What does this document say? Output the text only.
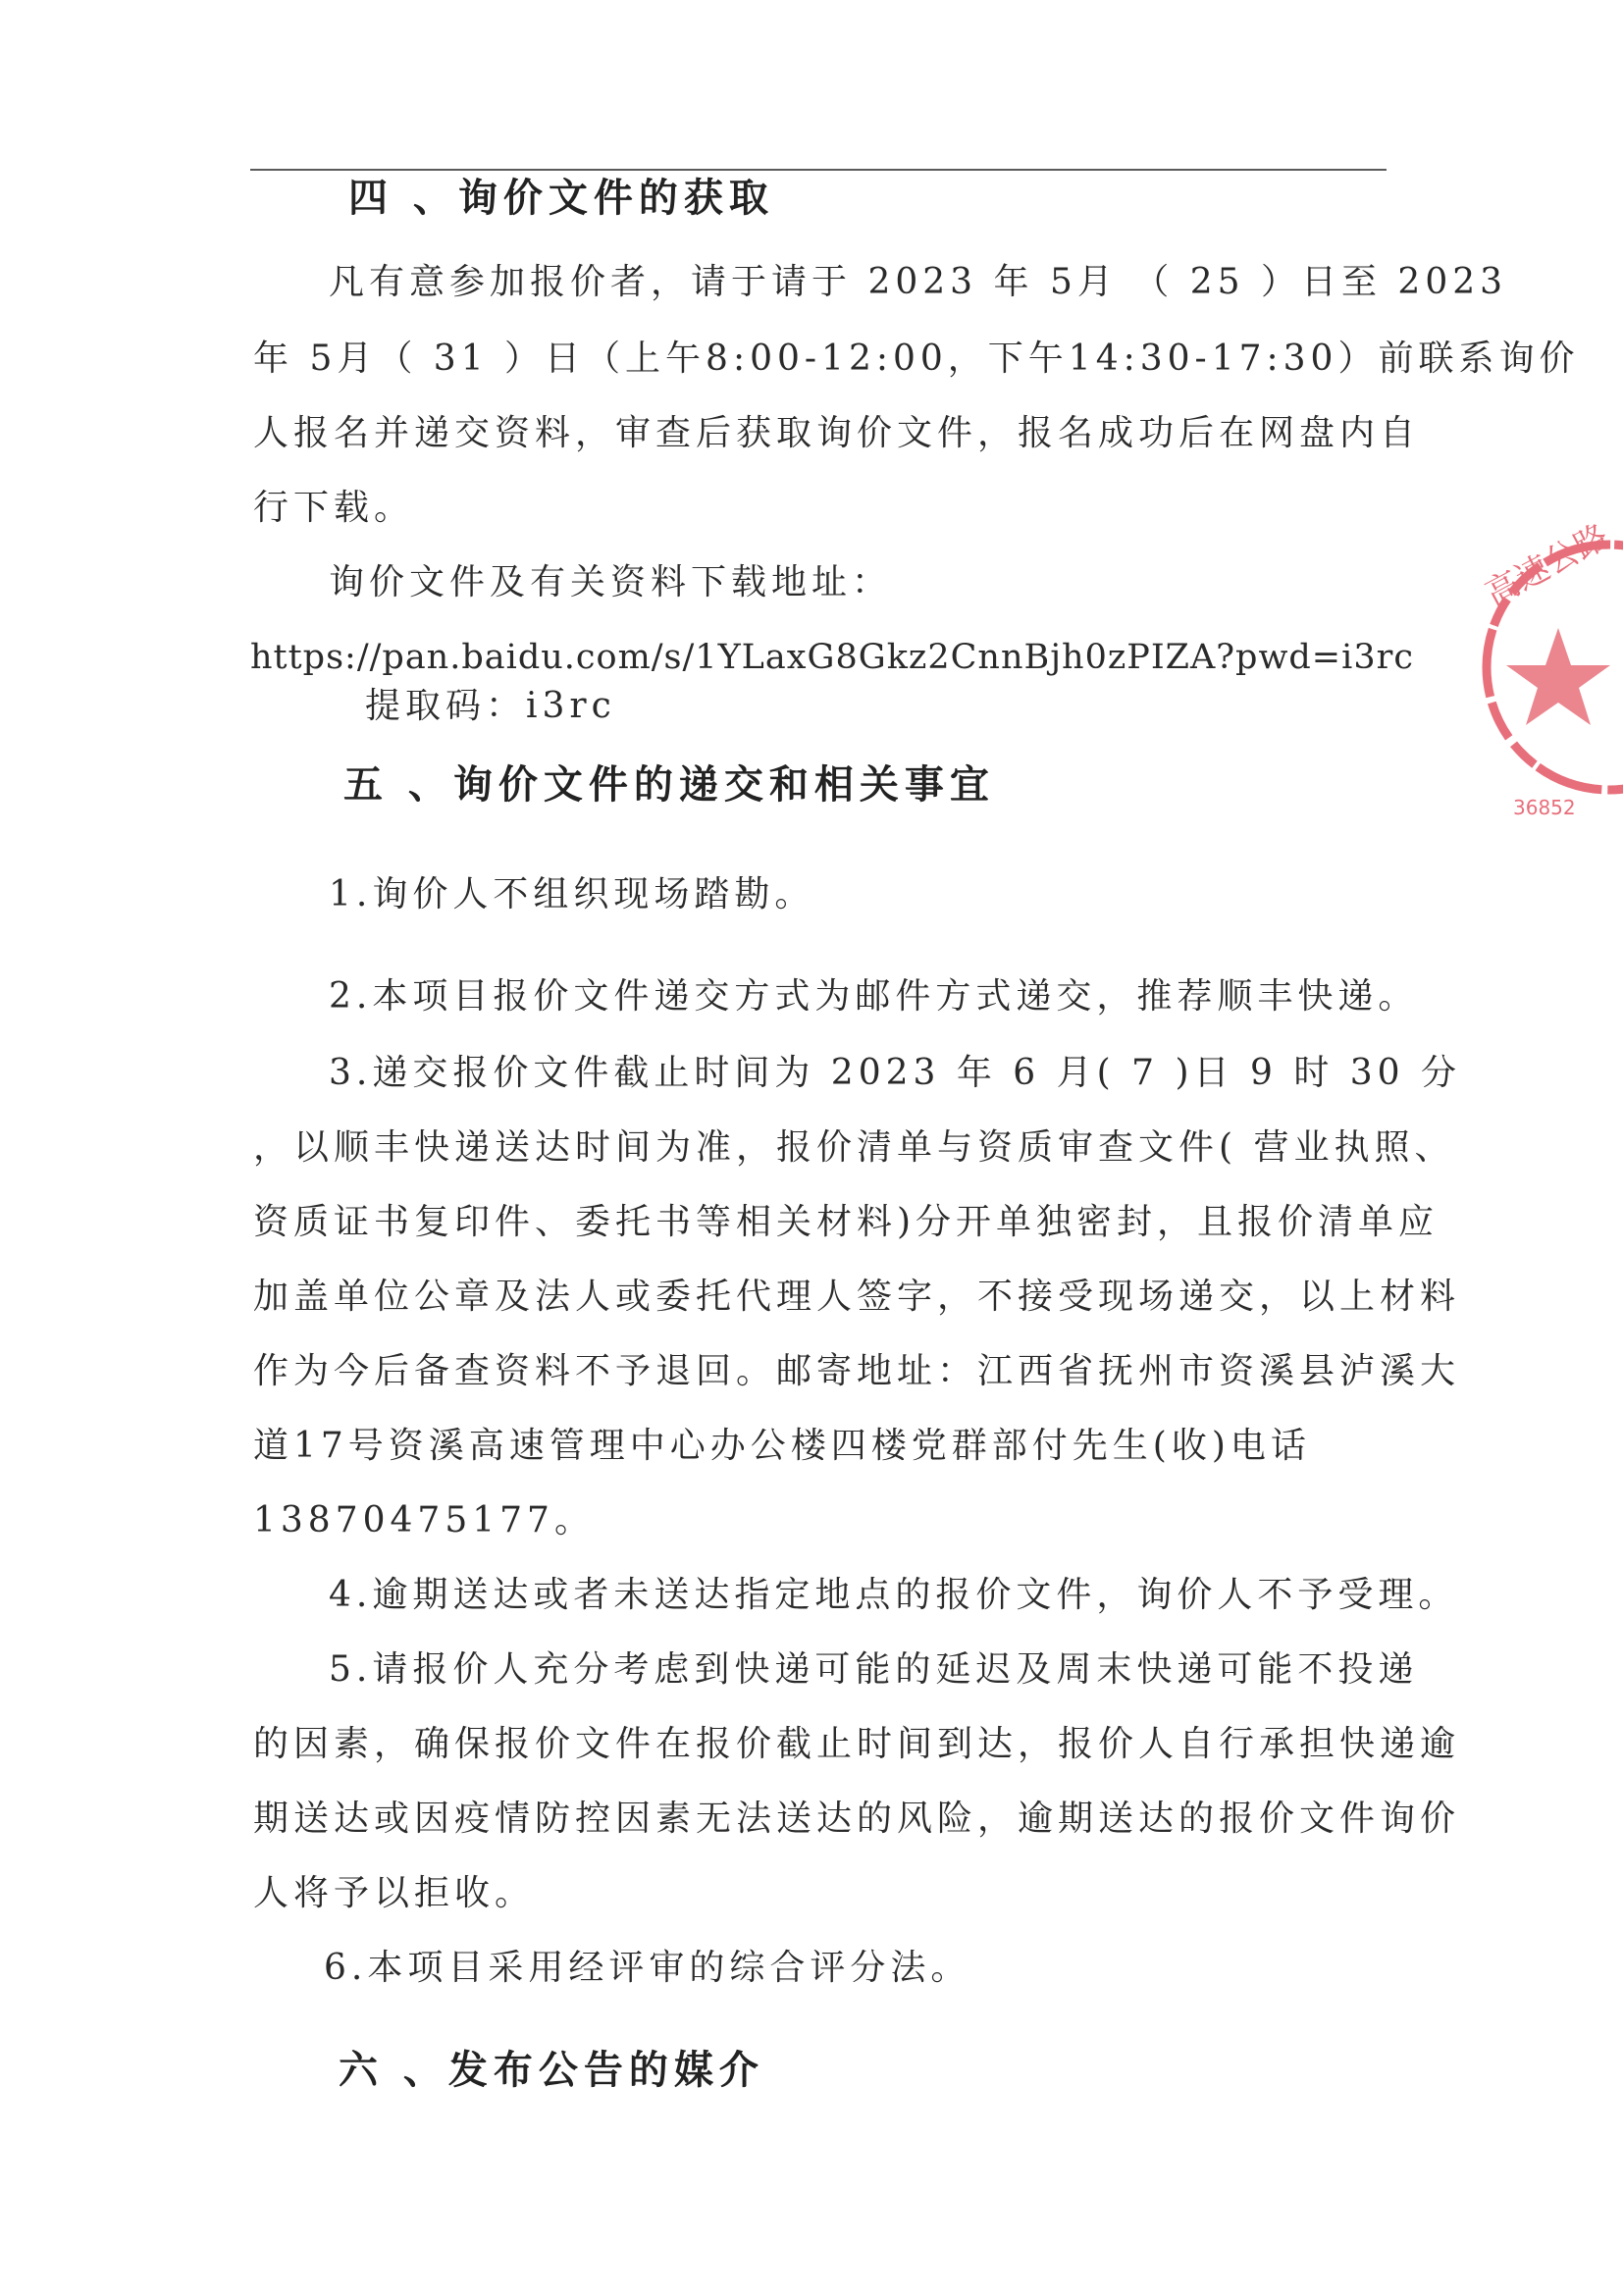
四 、询价文件的获取
凡有意参加报价者，请于请于 2023 年 5月 （ 25 ）日至 2023
年 5月（ 31 ）日（上午8:00-12:00，下午14:30-17:30）前联系询价
人报名并递交资料，审查后获取询价文件，报名成功后在网盘内自
行下载。
询价文件及有关资料下载地址：
https://pan.baidu.com/s/1YLaxG8Gkz2CnnBjh0zPIZA?pwd=i3rc
提取码：i3rc
五 、询价文件的递交和相关事宜
1.询价人不组织现场踏勘。
2.本项目报价文件递交方式为邮件方式递交，推荐顺丰快递。
3.递交报价文件截止时间为 2023 年 6 月( 7 )日 9 时 30 分
，以顺丰快递送达时间为准，报价清单与资质审查文件( 营业执照、
资质证书复印件、委托书等相关材料)分开单独密封，且报价清单应
加盖单位公章及法人或委托代理人签字，不接受现场递交，以上材料
作为今后备查资料不予退回。邮寄地址：江西省抚州市资溪县泸溪大
道17号资溪高速管理中心办公楼四楼党群部付先生(收)电话
13870475177。
4.逾期送达或者未送达指定地点的报价文件，询价人不予受理。
5.请报价人充分考虑到快递可能的延迟及周末快递可能不投递
的因素，确保报价文件在报价截止时间到达，报价人自行承担快递逾
期送达或因疫情防控因素无法送达的风险，逾期送达的报价文件询价
人将予以拒收。
6.本项目采用经评审的综合评分法。
六 、发布公告的媒介
高速公路
36852
